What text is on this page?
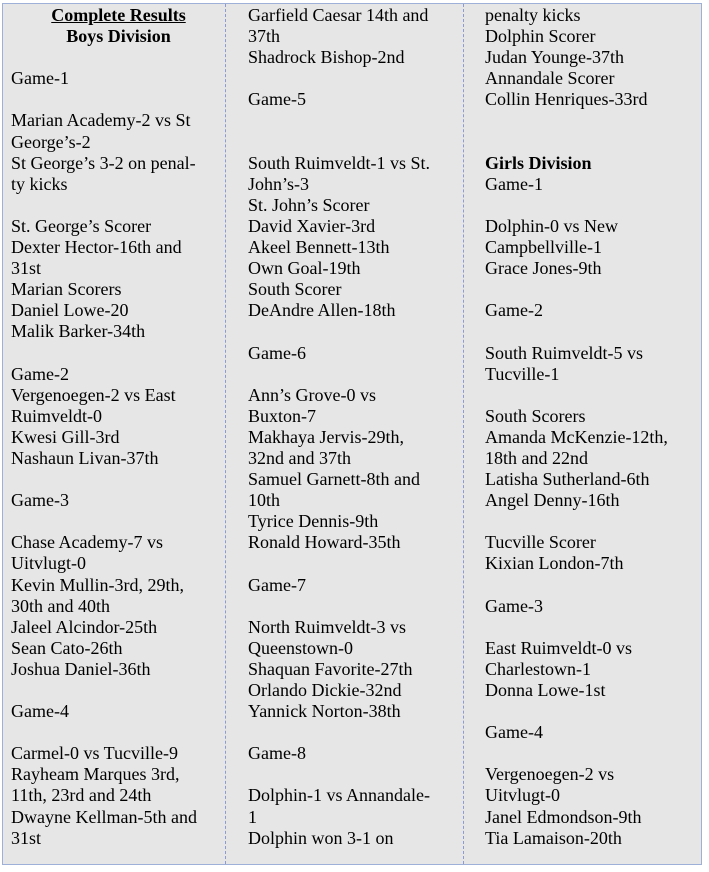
Complete Results
Boys Division
Game-1
Marian Academy-2 vs St
George’s-2
St George’s 3-2 on penal-
ty kicks
St. George’s Scorer
Dexter Hector-16th and
31st
Marian Scorers
Daniel Lowe-20
Malik Barker-34th
Game-2
Vergenoegen-2 vs East
Ruimveldt-0
Kwesi Gill-3rd
Nashaun Livan-37th
Game-3
Chase Academy-7 vs
Uitvlugt-0
Kevin Mullin-3rd, 29th,
30th and 40th
Jaleel Alcindor-25th
Sean Cato-26th
Joshua Daniel-36th
Game-4
Carmel-0 vs Tucville-9
Rayheam Marques 3rd,
11th, 23rd and 24th
Dwayne Kellman-5th and
31st
Garfield Caesar 14th and
37th
Shadrock Bishop-2nd
Game-5
South Ruimveldt-1 vs St.
John’s-3
St. John’s Scorer
David Xavier-3rd
Akeel Bennett-13th
Own Goal-19th
South Scorer
DeAndre Allen-18th
Game-6
Ann’s Grove-0 vs
Buxton-7
Makhaya Jervis-29th,
32nd and 37th
Samuel Garnett-8th and
10th
Tyrice Dennis-9th
Ronald Howard-35th
Game-7
North Ruimveldt-3 vs
Queenstown-0
Shaquan Favorite-27th
Orlando Dickie-32nd
Yannick Norton-38th
Game-8
Dolphin-1 vs Annandale-
1
Dolphin won 3-1 on
penalty kicks
Dolphin Scorer
Judan Younge-37th
Annandale Scorer
Collin Henriques-33rd
Girls Division
Game-1
Dolphin-0 vs New
Campbellville-1
Grace Jones-9th
Game-2
South Ruimveldt-5 vs
Tucville-1
South Scorers
Amanda McKenzie-12th,
18th and 22nd
Latisha Sutherland-6th
Angel Denny-16th
Tucville Scorer
Kixian London-7th
Game-3
East Ruimveldt-0 vs
Charlestown-1
Donna Lowe-1st
Game-4
Vergenoegen-2 vs
Uitvlugt-0
Janel Edmondson-9th
Tia Lamaison-20th
